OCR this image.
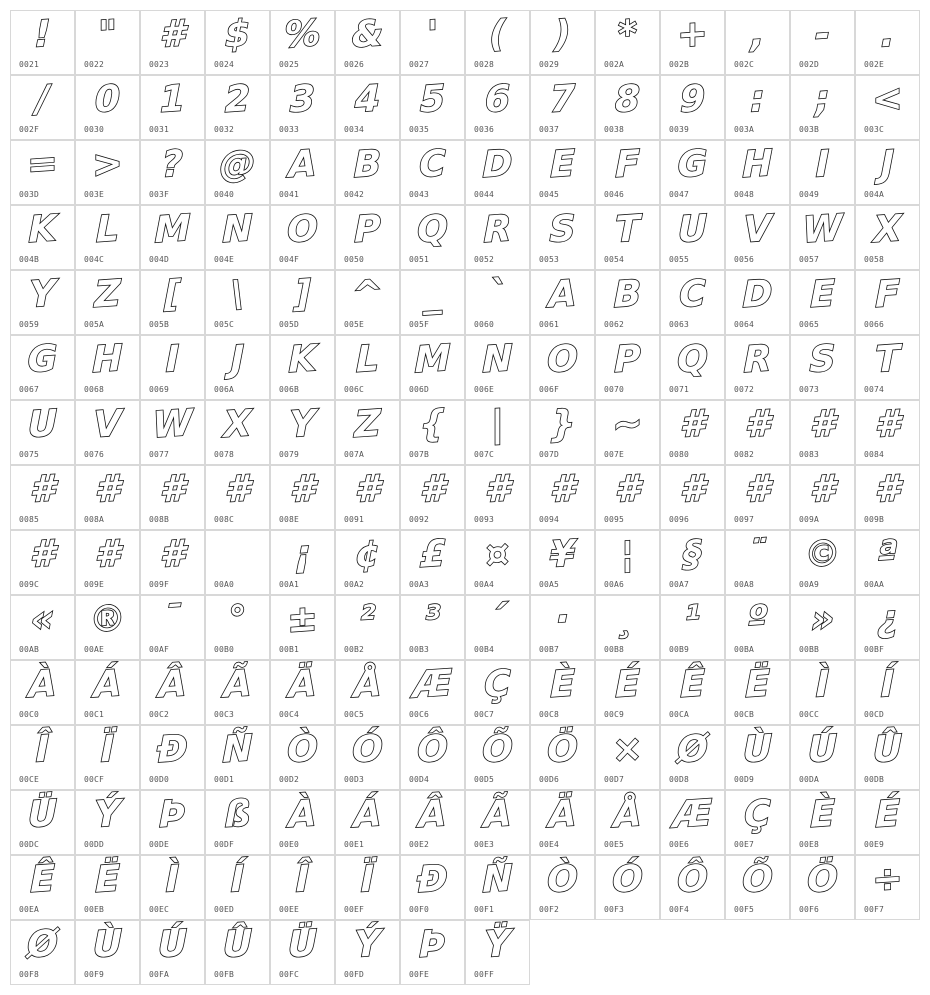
!
0021
"
0022
#
0023
$
0024
%
0025
&
0026
'
0027
(
0028
)
0029
*
002A
+
002B
,
002C
-
002D
.
002E
/
002F
0
0030
1
0031
2
0032
3
0033
4
0034
5
0035
6
0036
7
0037
8
0038
9
0039
:
003A
;
003B
<
003C
=
003D
>
003E
?
003F
@
0040
A
0041
B
0042
C
0043
D
0044
E
0045
F
0046
G
0047
H
0048
I
0049
J
004A
K
004B
L
004C
M
004D
N
004E
O
004F
P
0050
Q
0051
R
0052
S
0053
T
0054
U
0055
V
0056
W
0057
X
0058
Y
0059
Z
005A
[
005B
\
005C
]
005D
^
005E
_
005F
`
0060
A
0061
B
0062
C
0063
D
0064
E
0065
F
0066
G
0067
H
0068
I
0069
J
006A
K
006B
L
006C
M
006D
N
006E
O
006F
P
0070
Q
0071
R
0072
S
0073
T
0074
U
0075
V
0076
W
0077
X
0078
Y
0079
Z
007A
{
007B
|
007C
}
007D
~
007E
#
0080
#
0082
#
0083
#
0084
#
0085
#
008A
#
008B
#
008C
#
008E
#
0091
#
0092
#
0093
#
0094
#
0095
#
0096
#
0097
#
009A
#
009B
#
009C
#
009E
#
009F	00A0
¡
00A1
¢
00A2
£
00A3
¤
00A4
¥
00A5
¦
00A6
§
00A7
¨
00A8
©
00A9
ª
00AA
«
00AB
®
00AE
¯
00AF
°
00B0
±
00B1
²
00B2
³
00B3
´
00B4
·
00B7
¸
00B8
¹
00B9
º
00BA
»
00BB
¿
00BF
À
00C0
Á
00C1
Â
00C2
Ã
00C3
Ä
00C4
Å
00C5
Æ
00C6
Ç
00C7
È
00C8
É
00C9
Ê
00CA
Ë
00CB
Ì
00CC
Í
00CD
Î
00CE
Ï
00CF
Ð
00D0
Ñ
00D1
Ò
00D2
Ó
00D3
Ô
00D4
Õ
00D5
Ö
00D6
×
00D7
Ø
00D8
Ù
00D9
Ú
00DA
Û
00DB
Ü
00DC
Ý
00DD
Þ
00DE
ß
00DF
À
00E0
Á
00E1
Â
00E2
Ã
00E3
Ä
00E4
Å
00E5
Æ
00E6
Ç
00E7
È
00E8
É
00E9
Ê
00EA
Ë
00EB
Ì
00EC
Í
00ED
Î
00EE
Ï
00EF
Ð
00F0
Ñ
00F1
Ò
00F2
Ó
00F3
Ô
00F4
Õ
00F5
Ö
00F6
÷
00F7
Ø
00F8
Ù
00F9
Ú
00FA
Û
00FB
Ü
00FC
Ý
00FD
Þ
00FE
Ÿ
00FF
